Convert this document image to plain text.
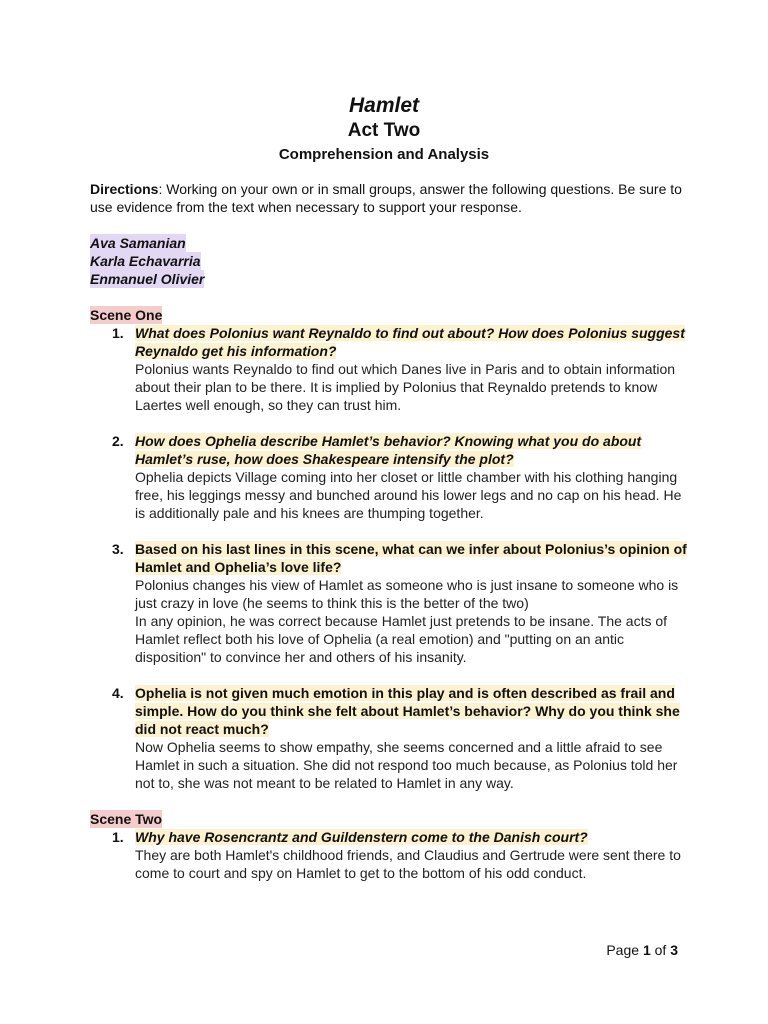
Hamlet
Act Two
Comprehension and Analysis

Directions: Working on your own or in small groups, answer the following questions. Be sure to use evidence from the text when necessary to support your response.

Ava Samanian
Karla Echavarria
Enmanuel Olivier
Scene One
1. What does Polonius want Reynaldo to find out about? How does Polonius suggest Reynaldo get his information?
Polonius wants Reynaldo to find out which Danes live in Paris and to obtain information about their plan to be there. It is implied by Polonius that Reynaldo pretends to know Laertes well enough, so they can trust him.
2. How does Ophelia describe Hamlet’s behavior? Knowing what you do about Hamlet’s ruse, how does Shakespeare intensify the plot?
Ophelia depicts Village coming into her closet or little chamber with his clothing hanging free, his leggings messy and bunched around his lower legs and no cap on his head. He is additionally pale and his knees are thumping together.
3. Based on his last lines in this scene, what can we infer about Polonius’s opinion of Hamlet and Ophelia’s love life?
Polonius changes his view of Hamlet as someone who is just insane to someone who is just crazy in love (he seems to think this is the better of the two)
In any opinion, he was correct because Hamlet just pretends to be insane. The acts of Hamlet reflect both his love of Ophelia (a real emotion) and "putting on an antic disposition" to convince her and others of his insanity.
4. Ophelia is not given much emotion in this play and is often described as frail and simple. How do you think she felt about Hamlet’s behavior? Why do you think she did not react much?
Now Ophelia seems to show empathy, she seems concerned and a little afraid to see Hamlet in such a situation. She did not respond too much because, as Polonius told her not to, she was not meant to be related to Hamlet in any way.
Scene Two
1. Why have Rosencrantz and Guildenstern come to the Danish court?
They are both Hamlet's childhood friends, and Claudius and Gertrude were sent there to come to court and spy on Hamlet to get to the bottom of his odd conduct.
Page 1 of 3
